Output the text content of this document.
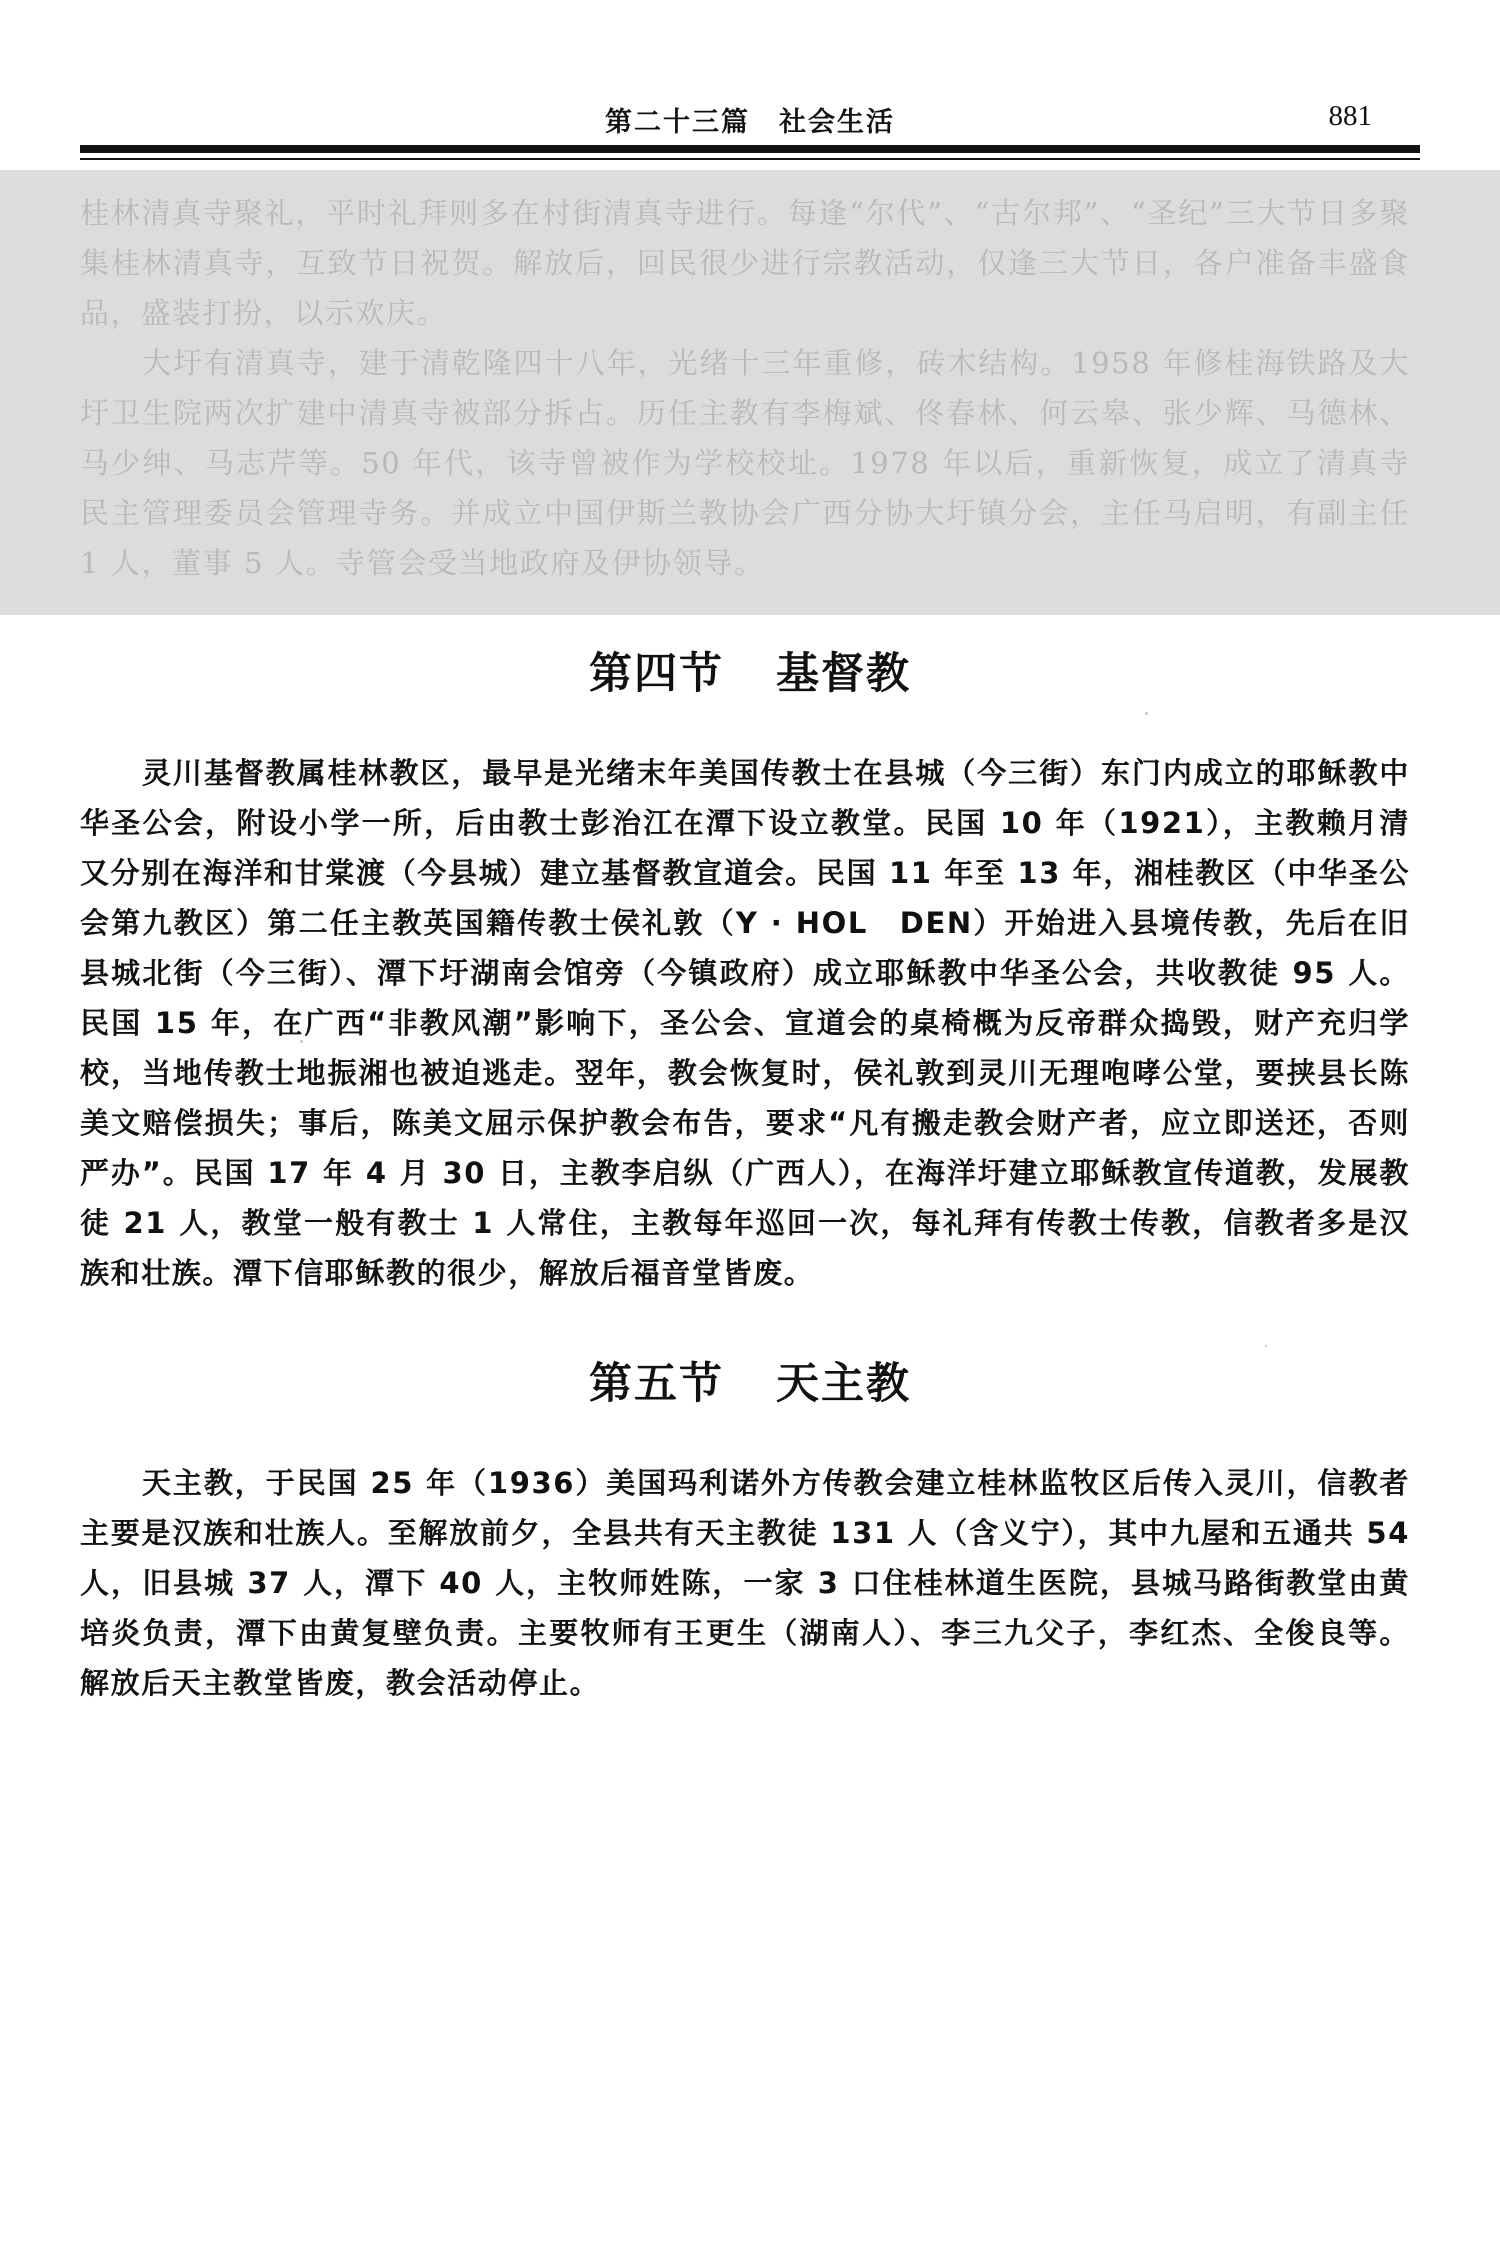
第二十三篇　社会生活	881

桂林清真寺聚礼，平时礼拜则多在村街清真寺进行。每逢“尔代”、“古尔邦”、“圣纪”三大节日多聚集桂林清真寺，互致节日祝贺。解放后，回民很少进行宗教活动，仅逢三大节日，各户准备丰盛食品，盛装打扮，以示欢庆。

大圩有清真寺，建于清乾隆四十八年，光绪十三年重修，砖木结构。1958 年修桂海铁路及大圩卫生院两次扩建中清真寺被部分拆占。历任主教有李梅斌、佟春林、何云皋、张少辉、马德林、马少绅、马志芹等。50 年代，该寺曾被作为学校校址。1978 年以后，重新恢复，成立了清真寺民主管理委员会管理寺务。并成立中国伊斯兰教协会广西分协大圩镇分会，主任马启明，有副主任 1 人，董事 5 人。寺管会受当地政府及伊协领导。

第四节 基督教

灵川基督教属桂林教区，最早是光绪末年美国传教士在县城（今三街）东门内成立的耶稣教中华圣公会，附设小学一所，后由教士彭治江在潭下设立教堂。民国 10 年（1921），主教赖月清又分别在海洋和甘棠渡（今县城）建立基督教宣道会。民国 11 年至 13 年，湘桂教区（中华圣公会第九教区）第二任主教英国籍传教士侯礼敦（Y · HOL　DEN）开始进入县境传教，先后在旧县城北街（今三街）、潭下圩湖南会馆旁（今镇政府）成立耶稣教中华圣公会，共收教徒 95 人。民国 15 年，在广西“非教风潮”影响下，圣公会、宣道会的桌椅概为反帝群众捣毁，财产充归学校，当地传教士地振湘也被迫逃走。翌年，教会恢复时，侯礼敦到灵川无理咆哮公堂，要挟县长陈美文赔偿损失；事后，陈美文屈示保护教会布告，要求“凡有搬走教会财产者，应立即送还，否则严办”。民国 17 年 4 月 30 日，主教李启纵（广西人），在海洋圩建立耶稣教宣传道教，发展教徒 21 人，教堂一般有教士 1 人常住，主教每年巡回一次，每礼拜有传教士传教，信教者多是汉族和壮族。潭下信耶稣教的很少，解放后福音堂皆废。

第五节 天主教

天主教，于民国 25 年（1936）美国玛利诺外方传教会建立桂林监牧区后传入灵川，信教者主要是汉族和壮族人。至解放前夕，全县共有天主教徒 131 人（含义宁），其中九屋和五通共 54 人，旧县城 37 人，潭下 40 人，主牧师姓陈，一家 3 口住桂林道生医院，县城马路街教堂由黄培炎负责，潭下由黄复壁负责。主要牧师有王更生（湖南人）、李三九父子，李红杰、全俊良等。解放后天主教堂皆废，教会活动停止。
